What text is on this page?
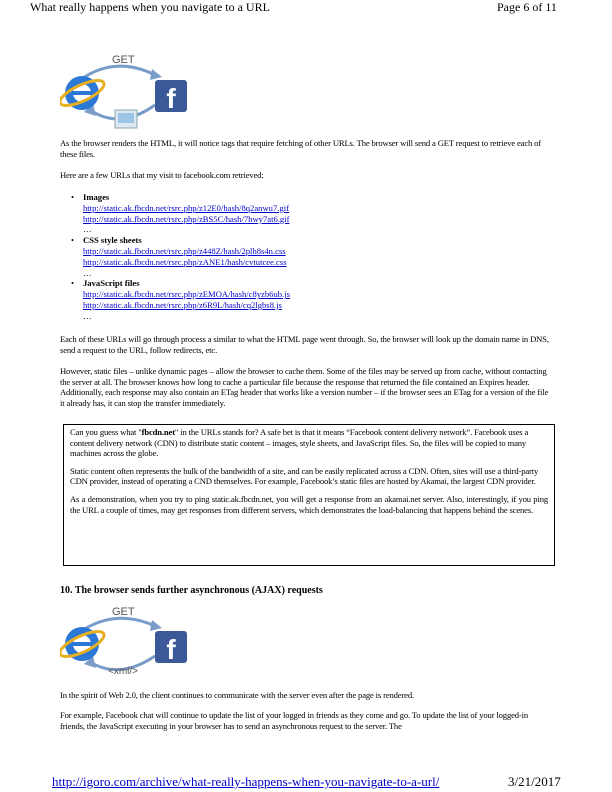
What really happens when you navigate to a URL	Page 6 of 11
f
GET
As the browser renders the HTML, it will notice tags that require fetching of other URLs. The browser will send a GET request to retrieve each of these files.
Here are a few URLs that my visit to facebook.com retrieved:
• Images
http://static.ak.fbcdn.net/rsrc.php/z12E0/hash/8q2anwu7.gif
http://static.ak.fbcdn.net/rsrc.php/zBS5C/hash/7hwy7at6.gif
…
• CSS style sheets
http://static.ak.fbcdn.net/rsrc.php/z448Z/hash/2plh8s4n.css
http://static.ak.fbcdn.net/rsrc.php/zANE1/hash/cvtutcee.css
…
• JavaScript files
http://static.ak.fbcdn.net/rsrc.php/zEMOA/hash/c8yzb6ub.js
http://static.ak.fbcdn.net/rsrc.php/z6R9L/hash/cq2lgbs8.js
…
Each of these URLs will go through process a similar to what the HTML page went through. So, the browser will look up the domain name in DNS, send a request to the URL, follow redirects, etc.
However, static files – unlike dynamic pages – allow the browser to cache them. Some of the files may be served up from cache, without contacting the server at all. The browser knows how long to cache a particular file because the response that returned the file contained an Expires header. Additionally, each response may also contain an ETag header that works like a version number – if the browser sees an ETag for a version of the file it already has, it can stop the transfer immediately.

Can you guess what "fbcdn.net" in the URLs stands for? A safe bet is that it means “Facebook content delivery network”. Facebook uses a content delivery network (CDN) to distribute static content – images, style sheets, and JavaScript files. So, the files will be copied to many machines across the globe.

Static content often represents the bulk of the bandwidth of a site, and can be easily replicated across a CDN. Often, sites will use a third-party CDN provider, instead of operating a CND themselves. For example, Facebook’s static files are hosted by Akamai, the largest CDN provider.

As a demonstration, when you try to ping static.ak.fbcdn.net, you will get a response from an akamai.net server. Also, interestingly, if you ping the URL a couple of times, may get responses from different servers, which demonstrates the load-balancing that happens behind the scenes.

10. The browser sends further asynchronous (AJAX) requests
f
GET
<xml/>
In the spirit of Web 2.0, the client continues to communicate with the server even after the page is rendered.
For example, Facebook chat will continue to update the list of your logged in friends as they come and go. To update the list of your logged-in friends, the JavaScript executing in your browser has to send an asynchronous request to the server. The
http://igoro.com/archive/what-really-happens-when-you-navigate-to-a-url/	3/21/2017
